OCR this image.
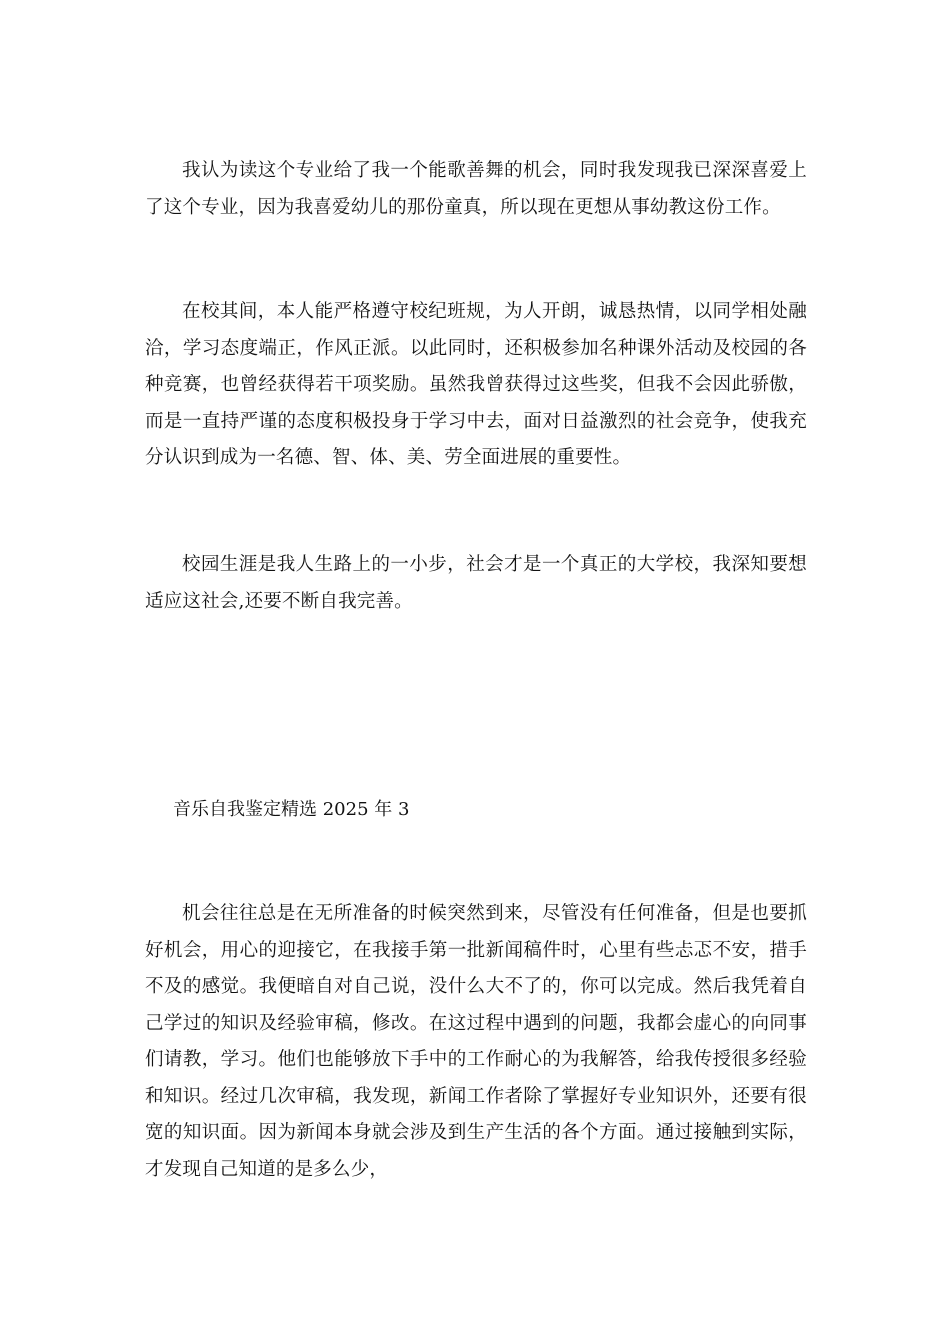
我认为读这个专业给了我一个能歌善舞的机会，同时我发现我已深深喜爱上了这个专业，因为我喜爱幼儿的那份童真，所以现在更想从事幼教这份工作。

在校其间，本人能严格遵守校纪班规，为人开朗，诚恳热情，以同学相处融洽，学习态度端正，作风正派。以此同时，还积极参加名种课外活动及校园的各种竞赛，也曾经获得若干项奖励。虽然我曾获得过这些奖，但我不会因此骄傲，而是一直持严谨的态度积极投身于学习中去，面对日益激烈的社会竞争，使我充分认识到成为一名德、智、体、美、劳全面进展的重要性。

校园生涯是我人生路上的一小步，社会才是一个真正的大学校，我深知要想适应这社会,还要不断自我完善。

音乐自我鉴定精选 2025 年 3

机会往往总是在无所准备的时候突然到来，尽管没有任何准备，但是也要抓好机会，用心的迎接它，在我接手第一批新闻稿件时，心里有些忐忑不安，措手不及的感觉。我便暗自对自己说，没什么大不了的，你可以完成。然后我凭着自己学过的知识及经验审稿，修改。在这过程中遇到的问题，我都会虚心的向同事们请教，学习。他们也能够放下手中的工作耐心的为我解答，给我传授很多经验和知识。经过几次审稿，我发现，新闻工作者除了掌握好专业知识外，还要有很宽的知识面。因为新闻本身就会涉及到生产生活的各个方面。通过接触到实际，才发现自己知道的是多么少，
